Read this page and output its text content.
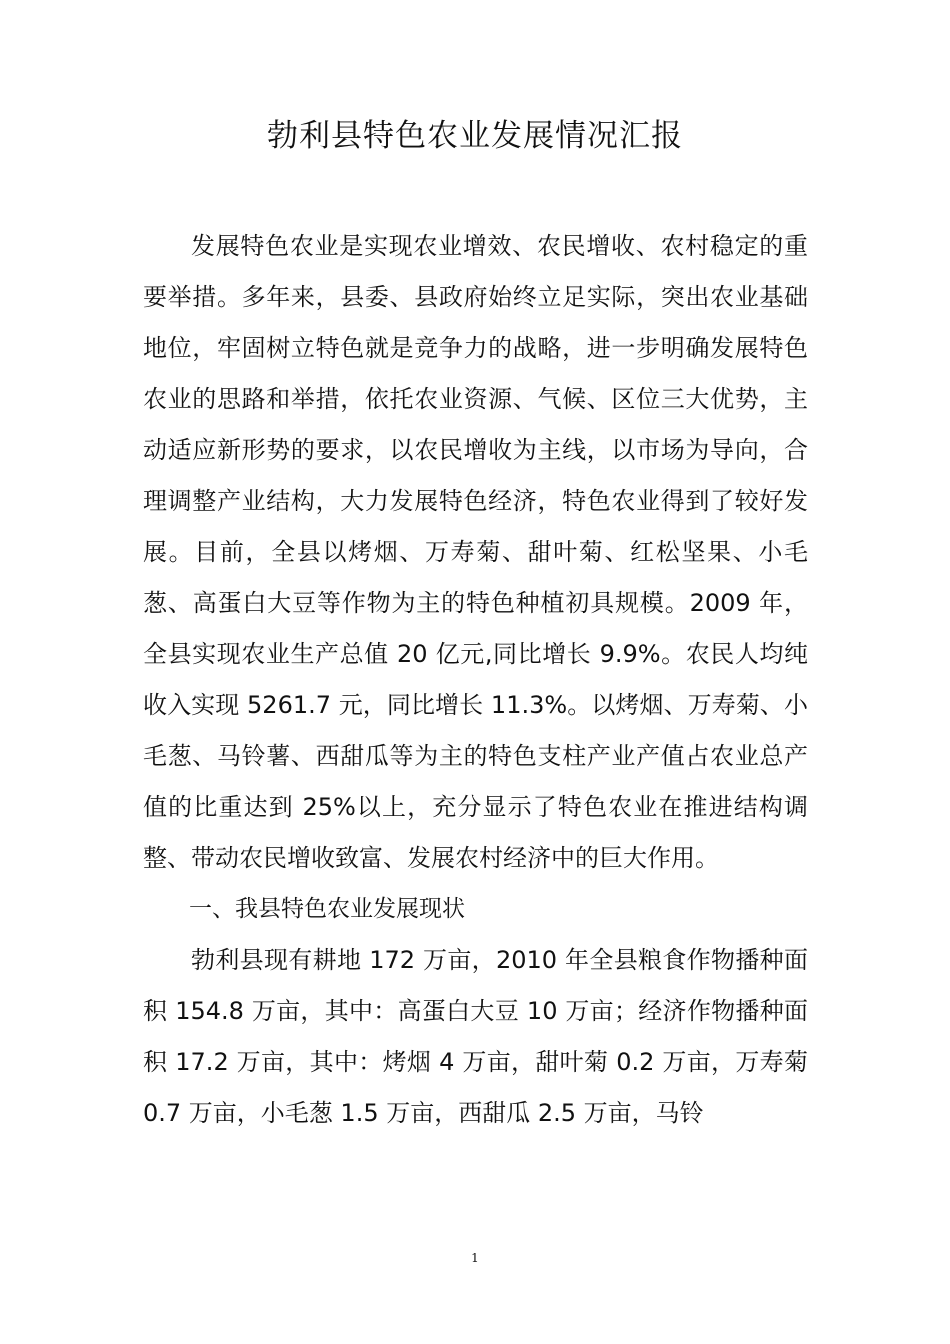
勃利县特色农业发展情况汇报

发展特色农业是实现农业增效、农民增收、农村稳定的重要举措。多年来，县委、县政府始终立足实际，突出农业基础地位，牢固树立特色就是竞争力的战略，进一步明确发展特色农业的思路和举措，依托农业资源、气候、区位三大优势，主动适应新形势的要求，以农民增收为主线，以市场为导向，合理调整产业结构，大力发展特色经济，特色农业得到了较好发展。目前，全县以烤烟、万寿菊、甜叶菊、红松坚果、小毛葱、高蛋白大豆等作物为主的特色种植初具规模。2009 年，全县实现农业生产总值 20 亿元,同比增长 9.9%。农民人均纯收入实现 5261.7 元，同比增长 11.3%。以烤烟、万寿菊、小毛葱、马铃薯、西甜瓜等为主的特色支柱产业产值占农业总产值的比重达到 25%以上，充分显示了特色农业在推进结构调整、带动农民增收致富、发展农村经济中的巨大作用。

一、我县特色农业发展现状

勃利县现有耕地 172 万亩，2010 年全县粮食作物播种面积 154.8 万亩，其中：高蛋白大豆 10 万亩；经济作物播种面积 17.2 万亩，其中：烤烟 4 万亩，甜叶菊 0.2 万亩，万寿菊 0.7 万亩，小毛葱 1.5 万亩，西甜瓜 2.5 万亩，马铃

1
